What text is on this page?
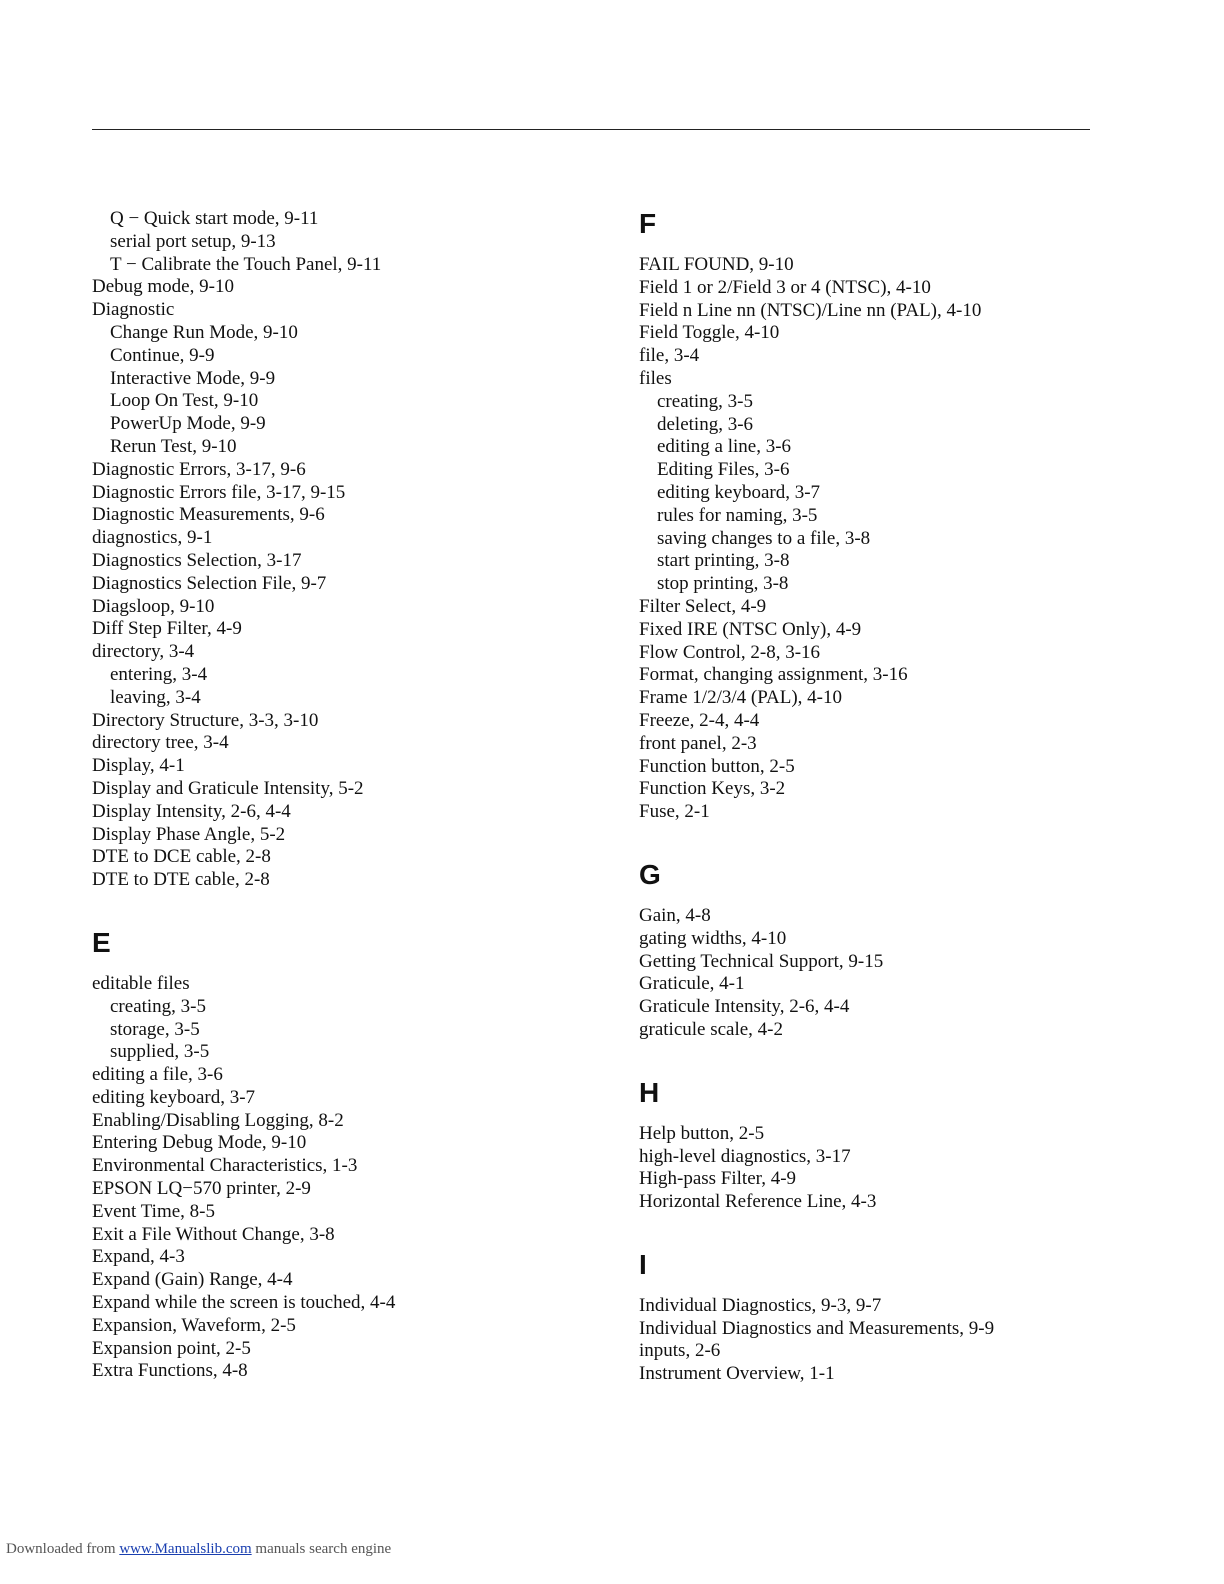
Q − Quick start mode, 9-11
serial port setup, 9-13
T − Calibrate the Touch Panel, 9-11
Debug mode, 9-10
Diagnostic
Change Run Mode, 9-10
Continue, 9-9
Interactive Mode, 9-9
Loop On Test, 9-10
PowerUp Mode, 9-9
Rerun Test, 9-10
Diagnostic Errors, 3-17, 9-6
Diagnostic Errors file, 3-17, 9-15
Diagnostic Measurements, 9-6
diagnostics, 9-1
Diagnostics Selection, 3-17
Diagnostics Selection File, 9-7
Diagsloop, 9-10
Diff Step Filter, 4-9
directory, 3-4
entering, 3-4
leaving, 3-4
Directory Structure, 3-3, 3-10
directory tree, 3-4
Display, 4-1
Display and Graticule Intensity, 5-2
Display Intensity, 2-6, 4-4
Display Phase Angle, 5-2
DTE to DCE cable, 2-8
DTE to DTE cable, 2-8
E
editable files
creating, 3-5
storage, 3-5
supplied, 3-5
editing a file, 3-6
editing keyboard, 3-7
Enabling/Disabling Logging, 8-2
Entering Debug Mode, 9-10
Environmental Characteristics, 1-3
EPSON LQ−570 printer, 2-9
Event Time, 8-5
Exit a File Without Change, 3-8
Expand, 4-3
Expand (Gain) Range, 4-4
Expand while the screen is touched, 4-4
Expansion, Waveform, 2-5
Expansion point, 2-5
Extra Functions, 4-8
F
FAIL FOUND, 9-10
Field 1 or 2/Field 3 or 4 (NTSC), 4-10
Field n Line nn (NTSC)/Line nn (PAL), 4-10
Field Toggle, 4-10
file, 3-4
files
creating, 3-5
deleting, 3-6
editing a line, 3-6
Editing Files, 3-6
editing keyboard, 3-7
rules for naming, 3-5
saving changes to a file, 3-8
start printing, 3-8
stop printing, 3-8
Filter Select, 4-9
Fixed IRE (NTSC Only), 4-9
Flow Control, 2-8, 3-16
Format, changing assignment, 3-16
Frame 1/2/3/4 (PAL), 4-10
Freeze, 2-4, 4-4
front panel, 2-3
Function button, 2-5
Function Keys, 3-2
Fuse, 2-1
G
Gain, 4-8
gating widths, 4-10
Getting Technical Support, 9-15
Graticule, 4-1
Graticule Intensity, 2-6, 4-4
graticule scale, 4-2
H
Help button, 2-5
high-level diagnostics, 3-17
High-pass Filter, 4-9
Horizontal Reference Line, 4-3
I
Individual Diagnostics, 9-3, 9-7
Individual Diagnostics and Measurements, 9-9
inputs, 2-6
Instrument Overview, 1-1
Downloaded from www.Manualslib.com manuals search engine
